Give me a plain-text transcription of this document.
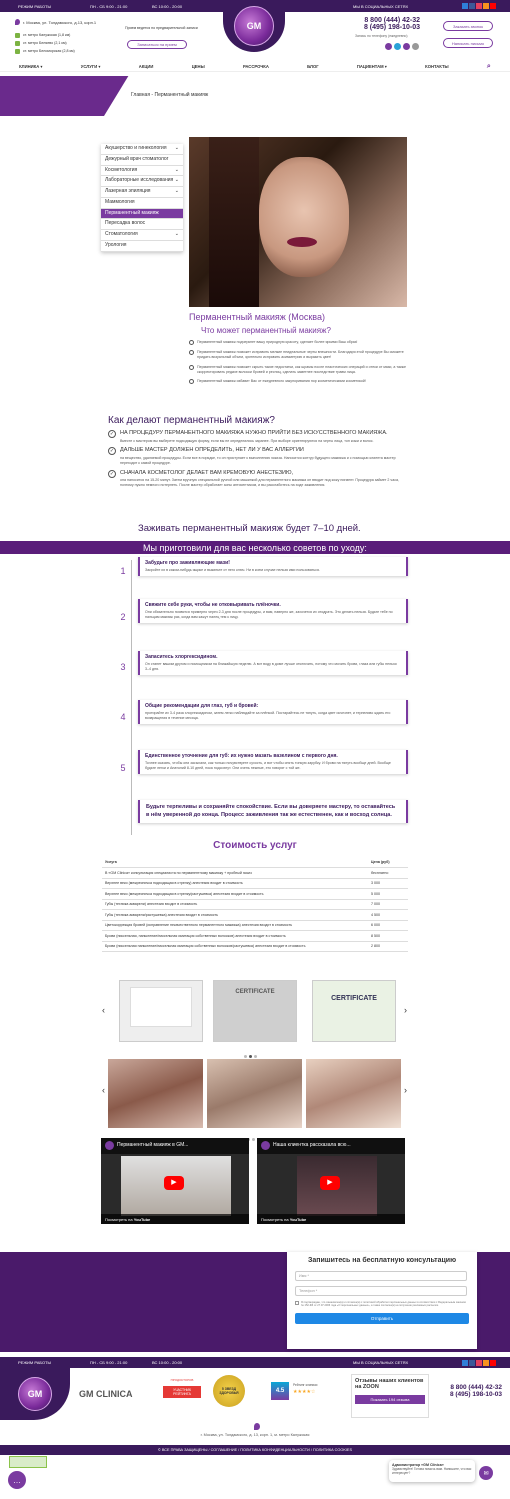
РЕЖИМ РАБОТЫ	ПН - СБ 9:00 - 21:00	ВС 10:00 - 20:00	МЫ В СОЦИАЛЬНЫХ СЕТЯХ
GM
г. Москва, ул. Толдамского, д.13, корп.1
ст. метро Калужская (1,8 км)
ст. метро Беляево (2,1 км)
ст. метро Беломорская (2,8 км)
Прием ведется по предварительной записи
Записаться на прием
8 800 (444) 42-32
8 (495) 198-10-03
Запись по телефону (ежедневно)
Заказать звонок
Написать письмо
КЛИНИКА ▾	УСЛУГИ ▾	АКЦИИ	ЦЕНЫ	РАССРОЧКА	БЛОГ	ПАЦИЕНТАМ ▾	КОНТАКТЫ	⌕
Главная - Перманентный макияж
Акушерство и гинекология ⌄
Дежурный врач стоматолог
Косметология	⌄
Лабораторные исследования ⌄
Лазерная эпиляция	⌄
Маммология
Перманентный макияж
Пересадка волос
Стоматология	⌄
Урология
Перманентный макияж (Москва)
Что может перманентный макияж?
Перманентный макияж подчеркнет вашу природную красоту, сделает более яркими Ваш образ!
Перманентный макияж поможет исправить мелкие неидеальные черты внешности. Благодаря этой процедуре Вы сможете придать визуальный объем, зрительно исправить асимметрию и выразить цвет!
Перманентный макияж поможет скрыть такие недостатки, как шрамы после пластических операций и отеки от мази, а также скорректировать редкие волоски бровей и ресниц, сделать заметнее последствие травм лица.
Перманентный макияж избавит Вас от ежедневного закупоривания пор косметическими косметикой!
Как делают перманентный макияж?
✓	НА ПРОЦЕДУРУ ПЕРМАНЕНТНОГО МАКИЯЖА НУЖНО ПРИЙТИ БЕЗ ИСКУССТВЕННОГО МАКИЯЖА.
Вместе с мастером вы выберете подходящую форму, если вы не определились заранее. При выборе ориентируются на черты лица, тон кожи и волос.
✓	ДАЛЬШЕ МАСТЕР ДОЛЖЕН ОПРЕДЕЛИТЬ, НЕТ ЛИ У ВАС АЛЛЕРГИИ
на вещество, удаляемой процедуры. Если все в порядке, то он приступает к выполнению эскиза. Наносится контур будущего макияжа и с помощью клиента мастер переходит к самой процедуре.
✓	СНАЧАЛА КОСМЕТОЛОГ ДЕЛАЕТ ВАМ КРЕМОВУЮ АНЕСТЕЗИЮ,
она наносится на 15-20 минут. Затем вручную специальной ручной или машинкой для перманентного макияжа он вводит под кожу пигмент. Процедура займет 2 часа, поэтому нужно немного потерпеть. После мастер обработает зоны антисептиком, и вы расслабитесь на ходе заживления.
Заживать перманентный макияж будет 7–10 дней.
Мы приготовили для вас несколько советов по уходу:
1
Забудьте про заживляющие мази!
Закройте их в каком-нибудь ящике и выкиньте от него ключ. Ни в коем случае нельзя ими пользоваться.
2
Свяжите себе руки, чтобы не отковыривать плёночки.
Они обязательно появятся примерно через 2-3 дня после процедуры, и вам, наверно же, захочется их отодрать. Это делать нельзя. Будьте тебе по пальцам макияж раз, когда вам кажут палец тем к лицу.
3
Запаситесь хлоргексидином.
Он станет вашим другом и помощником на ближайшую неделю. А вот воду в доме лучше отключить, потому что мочить брови, глаза или губы нельзя 3–4 дня.
4
Общие рекомендации для глаз, губ и бровей:
протирайте их 3-4 раза хлоргексидином, затем легко наблюдайте за плёнкой. Постарайтесь не тянуть, когда цвет исчезнет, и терпеливо ждать его возвращения в течение месяца.
5
Единственное уточнение для губ: их нужно мазать вазелином с первого дня.
Точнее сказать, чтобы они засыхали, как только почувствуете сухость, и вот чтобы снять тонкую зарубку. И брови на тянуть вообще дней. Вообще будьте легки и Анатолий 8-10 дней, пока подсохнут. Они очень нежные, это говорят с той же.
Будьте терпеливы и сохраняйте спокойствие. Если вы доверяете мастеру, то оставайтесь в нём уверенной до конца. Процесс заживления так же естественен, как и восход солнца.
Стоимость услуг
Услуга	Цена (руб)
В «GM Clinica» консультация специалиста по перманентному макияжу + пробный эскиз	бесплатно
Верхнее веко (межресничка подходящая в стрелку) анестезия входит в стоимость	3 000
Верхнее веко (межресничка подходящая в стрелку/растушевка) анестезия входит в стоимость	5 000
Губы (техника акварели) анестезия входит в стоимость	7 000
Губы (техника акварели/растушевка) анестезия входит в стоимость	4 500
Цветокоррекция бровей (исправление некачественного перманентного макияжа) анестезия входит в стоимость	6 000
Брови (пиксельная, напыление/пиксельная имитация собственных волосков) анестезия входит в стоимость	8 500
Брови (пиксельная напыление/пиксельная имитация собственных волосков/растушевка) анестезия входит в стоимость	2 800
‹
CERTIFICATE
CERTIFICATE
›
‹	›
Перманентный макияж в GM...
▶
Посмотреть на YouTube
Наша клиентка рассказала всю...
▶
Посмотреть на YouTube
Запишитесь на бесплатную консультацию
Имя *
Телефон *
Я подтверждаю, что ознакомлен(а) и согласен(а) с политикой обработки персональных данных в соответствии с Федеральным законом № 152-ФЗ от 27.07.2006 года «О персональных данных», а также согласен(а) на получение рекламных рассылок.
Отправить
РЕЖИМ РАБОТЫ	ПН - СБ 9:00 - 21:00	ВС 10:00 - 20:00	МЫ В СОЦИАЛЬНЫХ СЕТЯХ
GM	GM CLINICA
ПРОДОКТОРОВ
УЧАСТНИК РЕЙТИНГА
5 ЗВЕЗД ЗДОРОВЬЯ	4.5
Рейтинг клиники
★★★★☆
Отзывы наших клиентов на ZOON
Показать 194 отзыва
8 800 (444) 42-32
8 (495) 198-10-03
г. Москва, ул. Толдамского, д. 13, корп. 1, м. метро Калужская
© ВСЕ ПРАВА ЗАЩИЩЕНЫ / СОГЛАШЕНИЕ / ПОЛИТИКА КОНФИДЕНЦИАЛЬНОСТИ / ПОЛИТИКА COOKIES
Администратор «GM Clinica»
Здравствуйте! Готова помочь вам. Напишите, что вас интересует?	✉
…
